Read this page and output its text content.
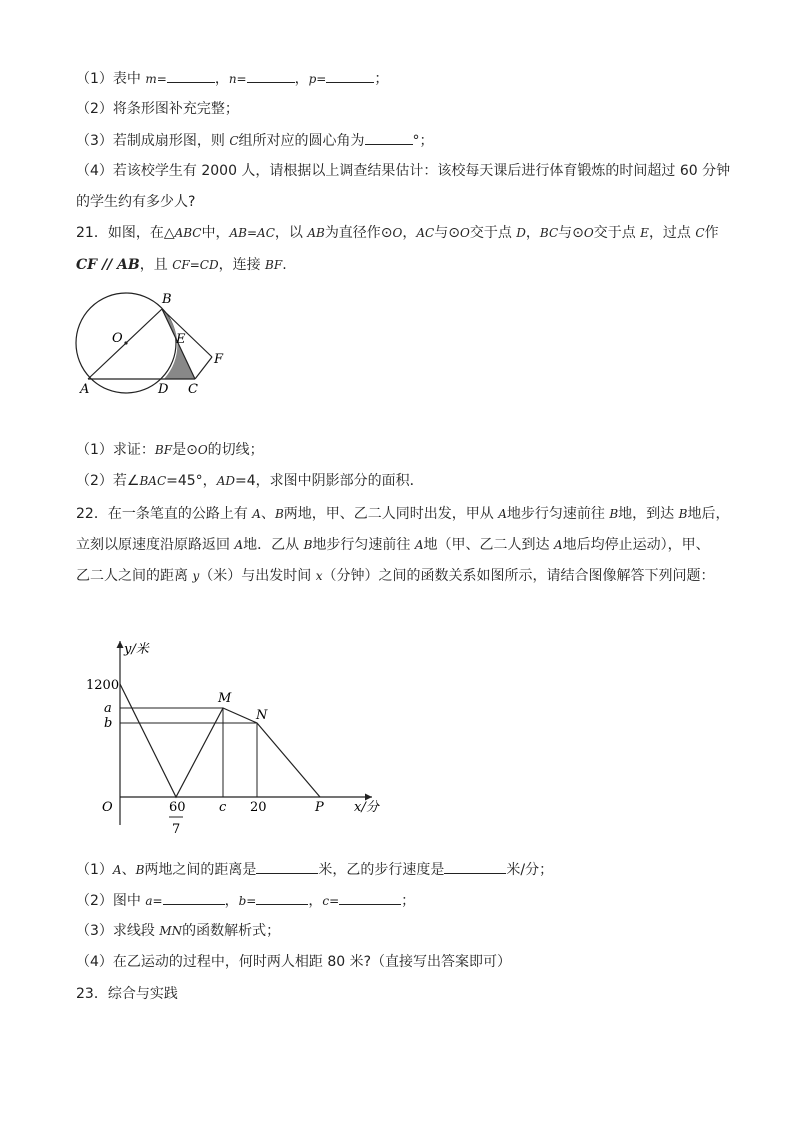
（1）表中 m=	，n=	，p=	；
（2）将条形图补充完整；
（3）若制成扇形图，则 C组所对应的圆心角为	°；
（4）若该校学生有 2000 人，请根据以上调查结果估计：该校每天课后进行体育锻炼的时间超过 60 分钟
的学生约有多少人?
21．如图，在△ABC中，AB=AC，以 AB为直径作⊙O，AC与⊙O交于点 D，BC与⊙O交于点 E，过点 C作
CF // AB，且 CF=CD，连接 BF.
B
O	E
F
A	D C
（1）求证：BF是⊙O的切线；
（2）若∠BAC=45°，AD=4，求图中阴影部分的面积．
22．在一条笔直的公路上有 A、B两地，甲、乙二人同时出发，甲从 A地步行匀速前往 B地，到达 B地后，
立刻以原速度沿原路返回 A地．乙从 B地步行匀速前往 A地（甲、乙二人到达 A地后均停止运动），甲、
乙二人之间的距离 y（米）与出发时间 x（分钟）之间的函数关系如图所示，请结合图像解答下列问题：
y/米
x/分
1200
a
b
O	60
7
c 20	P
M
N
（1）A、B两地之间的距离是	米，乙的步行速度是	米/分；
（2）图中 a=	，b=	，c=	；
（3）求线段 MN的函数解析式；
（4）在乙运动的过程中，何时两人相距 80 米?（直接写出答案即可）
23．综合与实践
